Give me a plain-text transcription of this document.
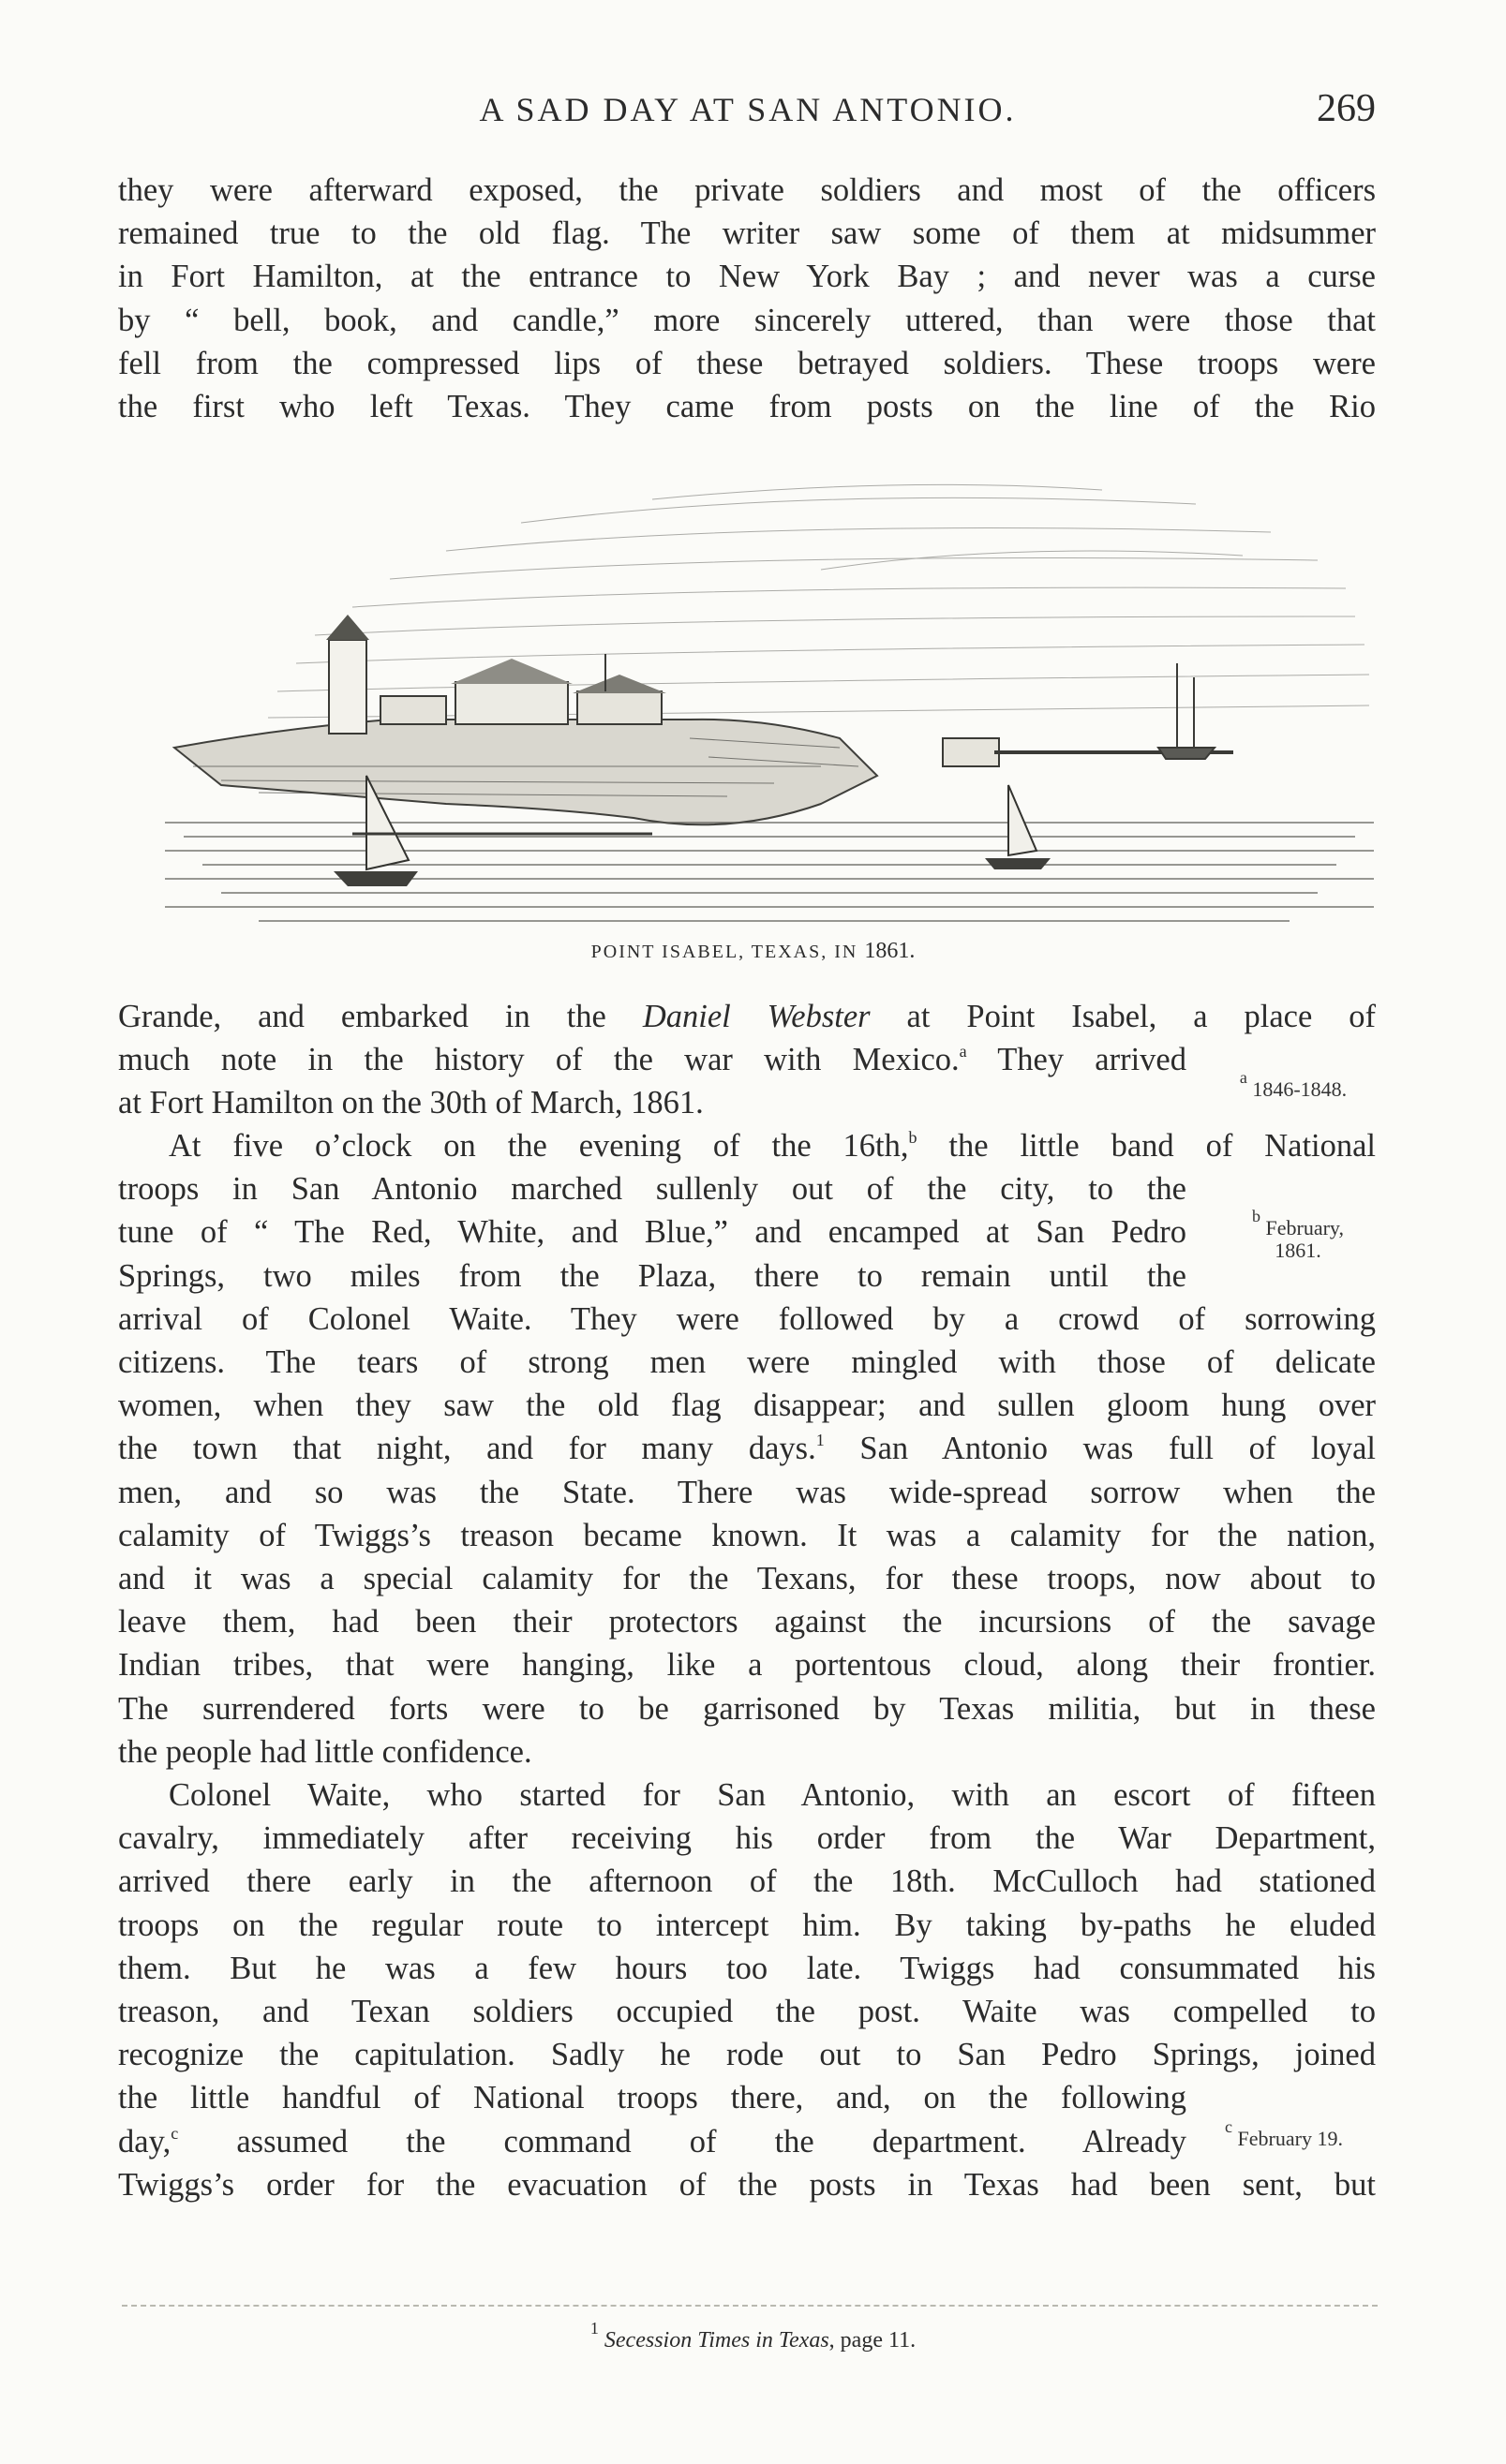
A SAD DAY AT SAN ANTONIO.	269
they were afterward exposed, the private soldiers and most of the officers
remained true to the old flag. The writer saw some of them at midsummer
in Fort Hamilton, at the entrance to New York Bay ; and never was a curse
by “ bell, book, and candle,” more sincerely uttered, than were those that
fell from the compressed lips of these betrayed soldiers. These troops were
the first who left Texas. They came from posts on the line of the Rio
POINT ISABEL, TEXAS, IN 1861.
Grande, and embarked in the Daniel Webster at Point Isabel, a place of
much note in the history of the war with Mexico.$^a$ They arrived
at Fort Hamilton on the 30th of March, 1861.
At five o’clock on the evening of the 16th,$^b$ the little band of National
troops in San Antonio marched sullenly out of the city, to the
tune of “ The Red, White, and Blue,” and encamped at San Pedro
Springs, two miles from the Plaza, there to remain until the
arrival of Colonel Waite. They were followed by a crowd of sorrowing
citizens. The tears of strong men were mingled with those of delicate
women, when they saw the old flag disappear; and sullen gloom hung over
the town that night, and for many days.$^1$ San Antonio was full of loyal
men, and so was the State. There was wide-spread sorrow when the
calamity of Twiggs’s treason became known. It was a calamity for the nation,
and it was a special calamity for the Texans, for these troops, now about to
leave them, had been their protectors against the incursions of the savage
Indian tribes, that were hanging, like a portentous cloud, along their frontier.
The surrendered forts were to be garrisoned by Texas militia, but in these
the people had little confidence.
Colonel Waite, who started for San Antonio, with an escort of fifteen
cavalry, immediately after receiving his order from the War Department,
arrived there early in the afternoon of the 18th. McCulloch had stationed
troops on the regular route to intercept him. By taking by-paths he eluded
them. But he was a few hours too late. Twiggs had consummated his
treason, and Texan soldiers occupied the post. Waite was compelled to
recognize the capitulation. Sadly he rode out to San Pedro Springs, joined
the little handful of National troops there, and, on the following
day,$^c$ assumed the command of the department. Already
Twiggs’s order for the evacuation of the posts in Texas had been sent, but
$^a$ 1846-1848.
$^b$ February,
1861.
$^c$ February 19.
$^1$ Secession Times in Texas, page 11.
